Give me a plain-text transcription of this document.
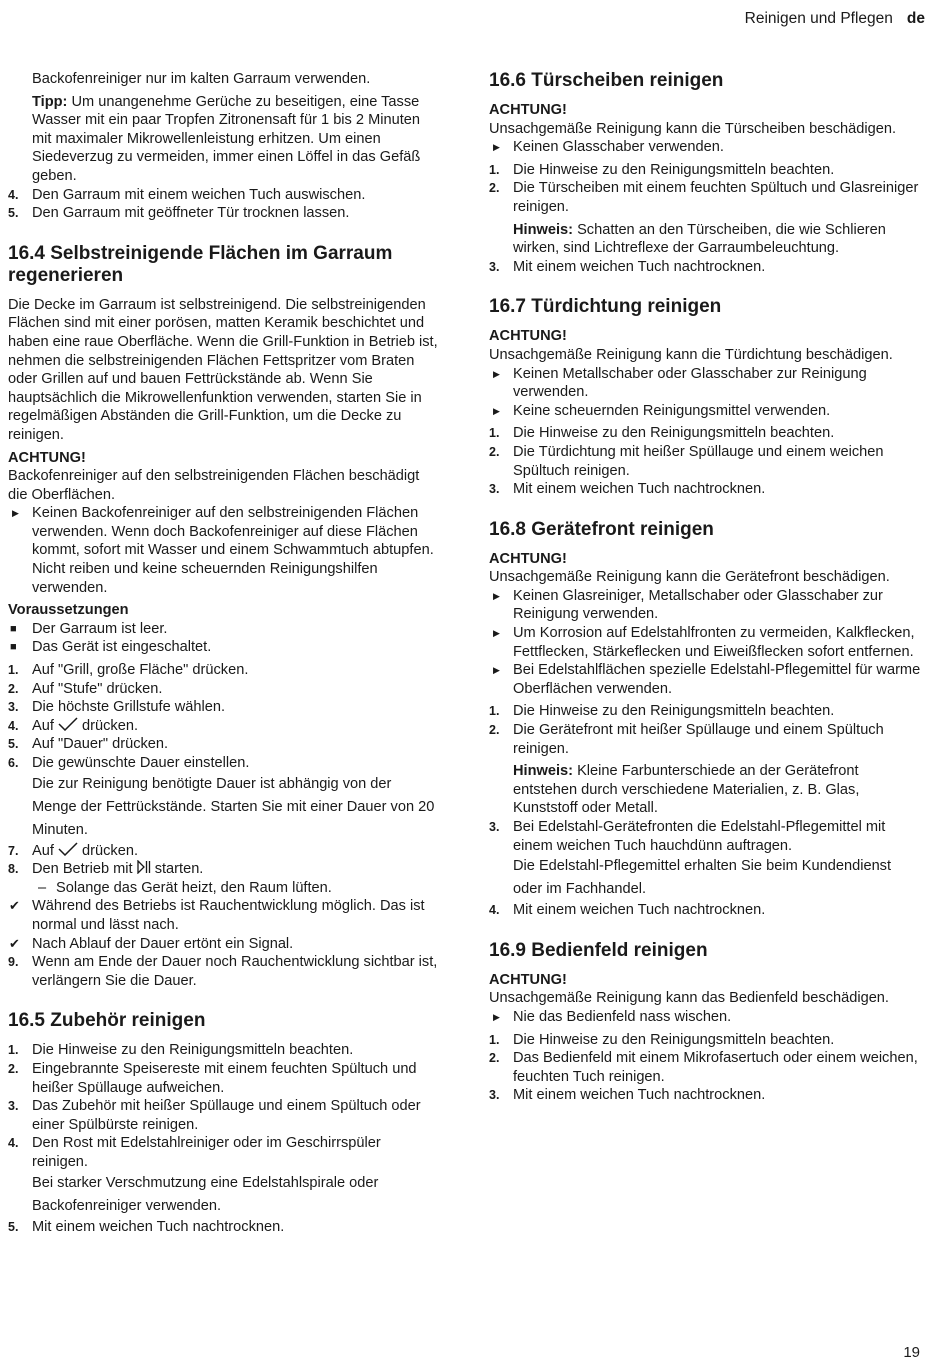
Reinigen und Pflegen de

Backofenreiniger nur im kalten Garraum verwenden.

Tipp: Um unangenehme Gerüche zu beseitigen, eine Tasse Wasser mit ein paar Tropfen Zitronensaft für 1 bis 2 Minuten mit maximaler Mikrowellenleistung erhitzen. Um einen Siedeverzug zu vermeiden, immer einen Löffel in das Gefäß geben.

4. Den Garraum mit einem weichen Tuch auswischen.
5. Den Garraum mit geöffneter Tür trocknen lassen.
16.4 Selbstreinigende Flächen im Garraum regenerieren

Die Decke im Garraum ist selbstreinigend. Die selbstreinigenden Flächen sind mit einer porösen, matten Keramik beschichtet und haben eine raue Oberfläche. Wenn die Grill-Funktion in Betrieb ist, nehmen die selbstreinigenden Flächen Fettspritzer vom Braten oder Grillen auf und bauen Fettrückstände ab. Wenn Sie hauptsächlich die Mikrowellenfunktion verwenden, starten Sie in regelmäßigen Abständen die Grill-Funktion, um die Decke zu reinigen.

ACHTUNG!

Backofenreiniger auf den selbstreinigenden Flächen beschädigt die Oberflächen.

▶ Keinen Backofenreiniger auf den selbstreinigenden Flächen verwenden. Wenn doch Backofenreiniger auf diese Flächen kommt, sofort mit Wasser und einem Schwammtuch abtupfen. Nicht reiben und keine scheuernden Reinigungshilfen verwenden.
Voraussetzungen
■	Der Garraum ist leer.
■	Das Gerät ist eingeschaltet.
1. Auf "Grill, große Fläche" drücken.
2. Auf "Stufe" drücken.
3. Die höchste Grillstufe wählen.
4. Auf  drücken.
5. Auf "Dauer" drücken.
6. Die gewünschte Dauer einstellen.

Die zur Reinigung benötigte Dauer ist abhängig von der Menge der Fettrückstände. Starten Sie mit einer Dauer von 20 Minuten.

7. Auf  drücken.
8. Den Betrieb mit  starten.
– Solange das Gerät heizt, den Raum lüften.
✔ Während des Betriebs ist Rauchentwicklung möglich. Das ist normal und lässt nach.
✔ Nach Ablauf der Dauer ertönt ein Signal.
9. Wenn am Ende der Dauer noch Rauchentwicklung sichtbar ist, verlängern Sie die Dauer.
16.5 Zubehör reinigen
1. Die Hinweise zu den Reinigungsmitteln beachten.
2. Eingebrannte Speisereste mit einem feuchten Spültuch und heißer Spüllauge aufweichen.
3. Das Zubehör mit heißer Spüllauge und einem Spültuch oder einer Spülbürste reinigen.
4. Den Rost mit Edelstahlreiniger oder im Geschirrspüler reinigen.

Bei starker Verschmutzung eine Edelstahlspirale oder Backofenreiniger verwenden.

5. Mit einem weichen Tuch nachtrocknen.
16.6 Türscheiben reinigen
ACHTUNG!

Unsachgemäße Reinigung kann die Türscheiben beschädigen.

▶ Keinen Glasschaber verwenden.
1. Die Hinweise zu den Reinigungsmitteln beachten.
2. Die Türscheiben mit einem feuchten Spültuch und Glasreiniger reinigen.

Hinweis: Schatten an den Türscheiben, die wie Schlieren wirken, sind Lichtreflexe der Garraumbeleuchtung.

3. Mit einem weichen Tuch nachtrocknen.
16.7 Türdichtung reinigen
ACHTUNG!

Unsachgemäße Reinigung kann die Türdichtung beschädigen.

▶ Keinen Metallschaber oder Glasschaber zur Reinigung verwenden.
▶ Keine scheuernden Reinigungsmittel verwenden.
1. Die Hinweise zu den Reinigungsmitteln beachten.
2. Die Türdichtung mit heißer Spüllauge und einem weichen Spültuch reinigen.
3. Mit einem weichen Tuch nachtrocknen.
16.8 Gerätefront reinigen
ACHTUNG!

Unsachgemäße Reinigung kann die Gerätefront beschädigen.

▶ Keinen Glasreiniger, Metallschaber oder Glasschaber zur Reinigung verwenden.
▶ Um Korrosion auf Edelstahlfronten zu vermeiden, Kalkflecken, Fettflecken, Stärkeflecken und Eiweißflecken sofort entfernen.
▶ Bei Edelstahlflächen spezielle Edelstahl-Pflegemittel für warme Oberflächen verwenden.
1. Die Hinweise zu den Reinigungsmitteln beachten.
2. Die Gerätefront mit heißer Spüllauge und einem Spültuch reinigen.

Hinweis: Kleine Farbunterschiede an der Gerätefront entstehen durch verschiedene Materialien, z. B. Glas, Kunststoff oder Metall.

3. Bei Edelstahl-Gerätefronten die Edelstahl-Pflegemittel mit einem weichen Tuch hauchdünn auftragen.

Die Edelstahl-Pflegemittel erhalten Sie beim Kundendienst oder im Fachhandel.

4. Mit einem weichen Tuch nachtrocknen.
16.9 Bedienfeld reinigen
ACHTUNG!

Unsachgemäße Reinigung kann das Bedienfeld beschädigen.

▶ Nie das Bedienfeld nass wischen.
1. Die Hinweise zu den Reinigungsmitteln beachten.
2. Das Bedienfeld mit einem Mikrofasertuch oder einem weichen, feuchten Tuch reinigen.
3. Mit einem weichen Tuch nachtrocknen.
19
